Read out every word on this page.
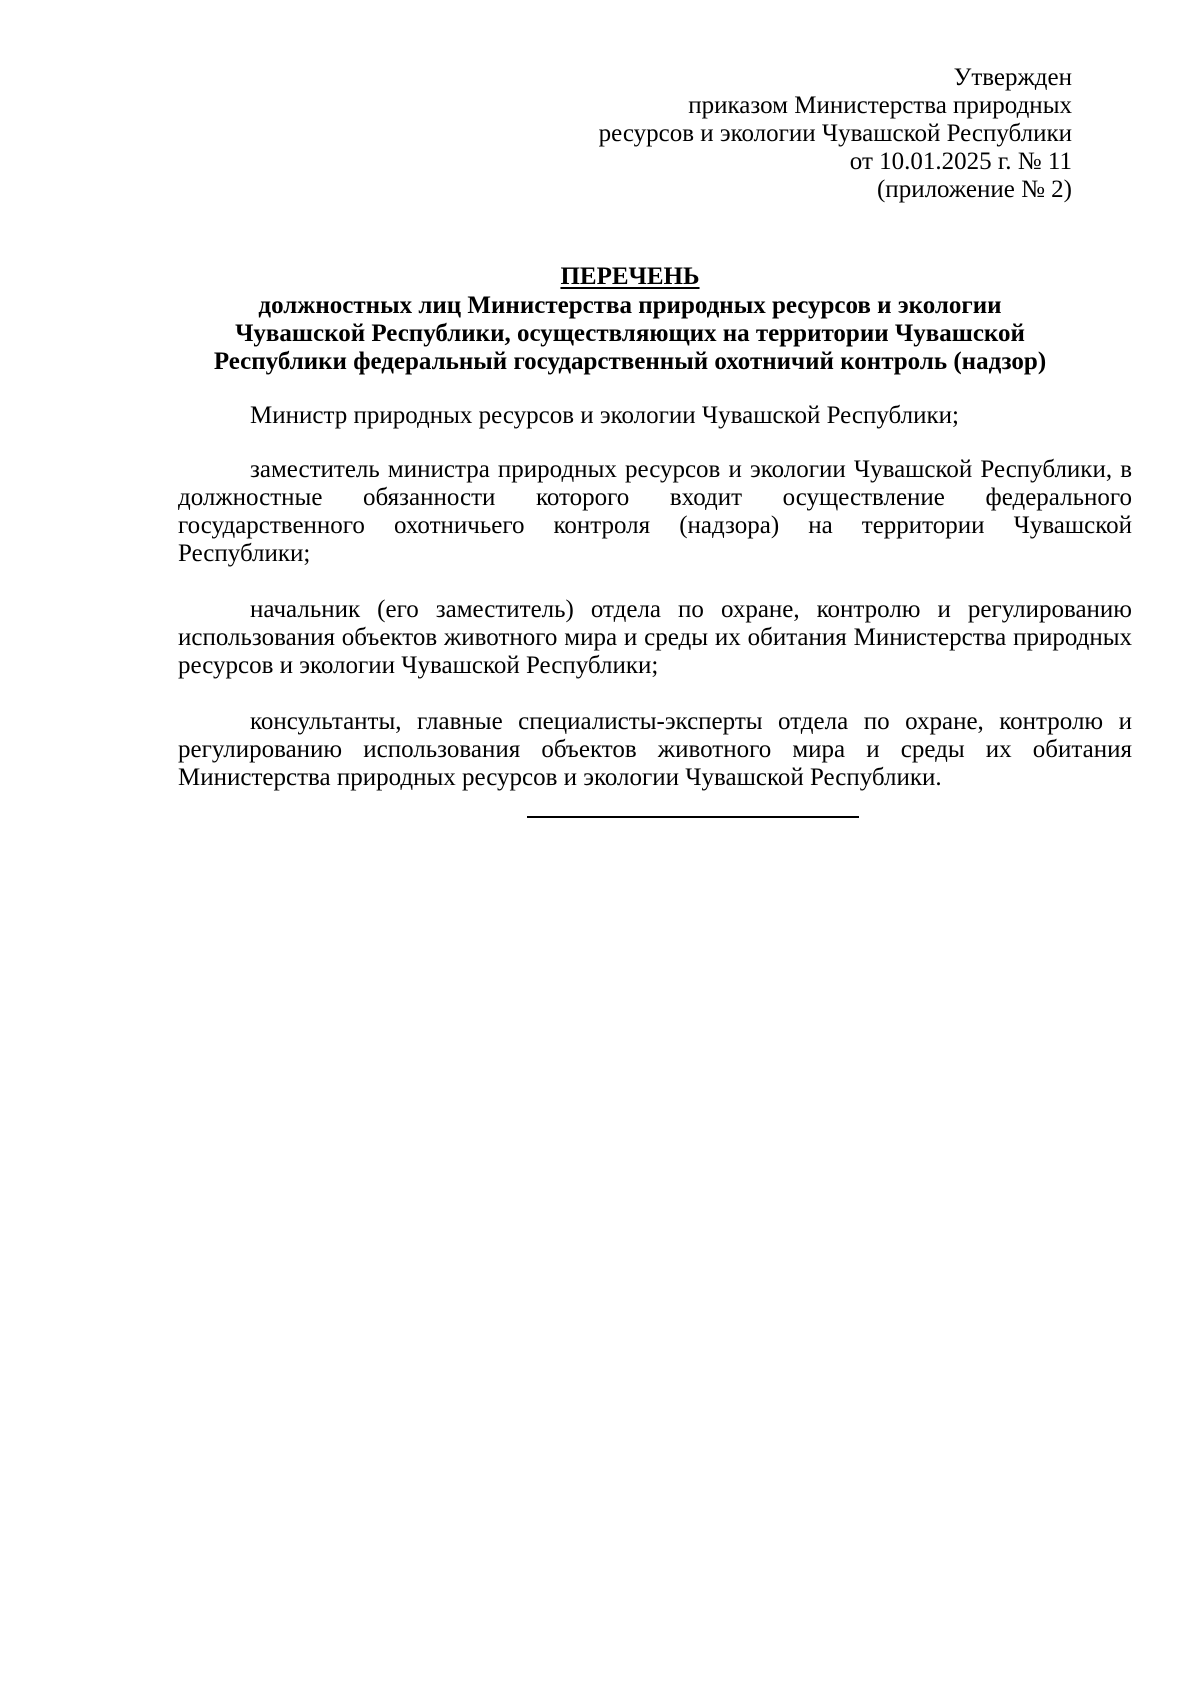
Утвержден
приказом Министерства природных
ресурсов и экологии Чувашской Республики
от 10.01.2025 г. № 11
(приложение № 2)
ПЕРЕЧЕНЬ
должностных лиц Министерства природных ресурсов и экологии
Чувашской Республики, осуществляющих на территории Чувашской
Республики федеральный государственный охотничий контроль (надзор)

Министр природных ресурсов и экологии Чувашской Республики;

заместитель министра природных ресурсов и экологии Чувашской Республики, в должностные обязанности которого входит осуществление федерального государственного охотничьего контроля (надзора) на территории Чувашской Республики;

начальник (его заместитель) отдела по охране, контролю и регулированию использования объектов животного мира и среды их обитания Министерства природных ресурсов и экологии Чувашской Республики;

консультанты, главные специалисты-эксперты отдела по охране, контролю и регулированию использования объектов животного мира и среды их обитания Министерства природных ресурсов и экологии Чувашской Республики.
